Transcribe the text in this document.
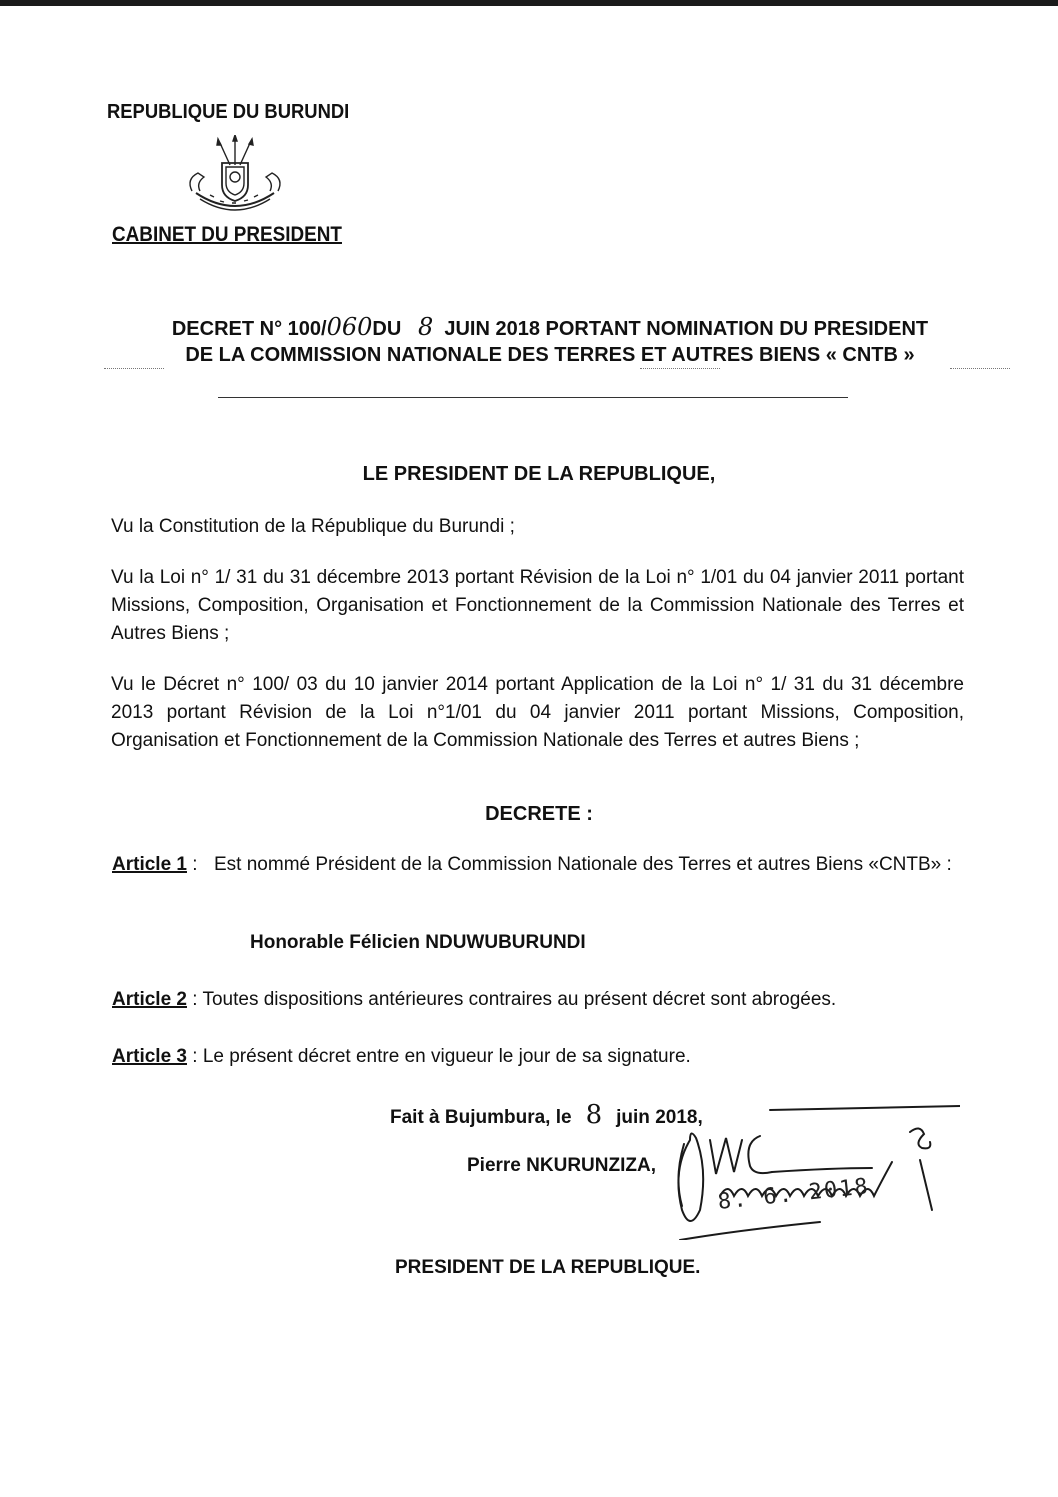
REPUBLIQUE DU BURUNDI
CABINET DU PRESIDENT
DECRET N° 100/060DU 8 JUIN 2018 PORTANT NOMINATION DU PRESIDENT
DE LA COMMISSION NATIONALE DES TERRES ET AUTRES BIENS « CNTB »
LE PRESIDENT DE LA REPUBLIQUE,
Vu la Constitution de la République du Burundi ;
Vu la Loi n° 1/ 31 du 31 décembre 2013 portant Révision de la Loi n° 1/01 du 04 janvier 2011 portant Missions, Composition, Organisation et Fonctionnement de la Commission Nationale des Terres et Autres Biens ;
Vu le Décret n° 100/ 03 du 10 janvier 2014 portant Application de la Loi n° 1/ 31 du 31 décembre 2013 portant Révision de la Loi n°1/01 du 04 janvier 2011 portant Missions, Composition, Organisation et Fonctionnement de la Commission Nationale des Terres et autres Biens ;
DECRETE :
Article 1 : Est nommé Président de la Commission Nationale des Terres et autres Biens «CNTB» :
Honorable Félicien NDUWUBURUNDI
Article 2 : Toutes dispositions antérieures contraires au présent décret sont abrogées.
Article 3 : Le présent décret entre en vigueur le jour de sa signature.
Fait à Bujumbura, le 8 juin 2018,
Pierre NKURUNZIZA,
8. 6. 2018
PRESIDENT DE LA REPUBLIQUE.
